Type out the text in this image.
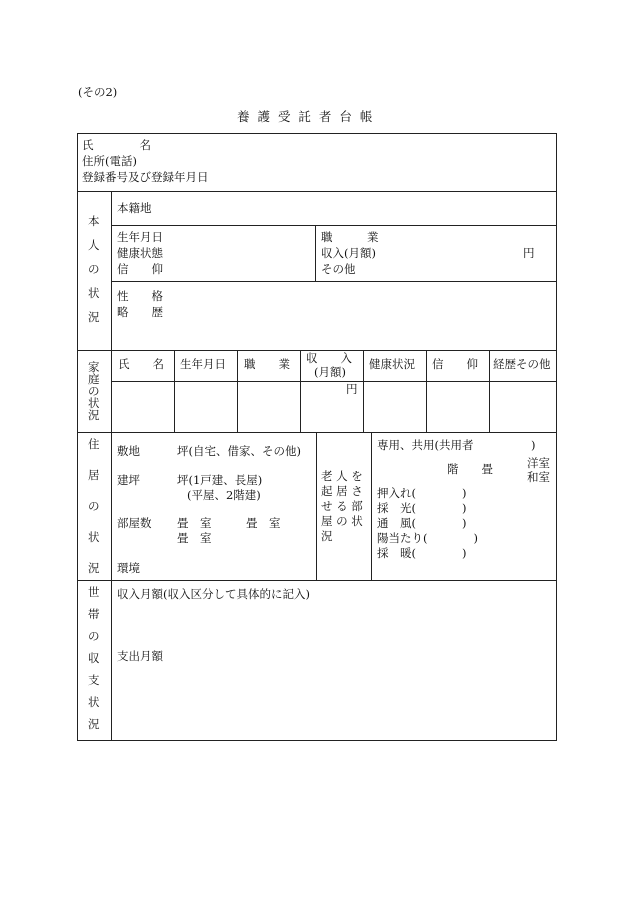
(その2)
養 護 受 託 者 台 帳
氏　　　　名
住所(電話)
登録番号及び登録年月日
本
人
の
状
況
本籍地
生年月日
健康状態
信　　仰
職　　　業
収入(月額)	円
その他
性　　格
略　　歴
家
庭
の
状
況
氏　　名 生年月日 職　　業 収　　入
(月額)
健康状況 信　　仰 経歴その他
円
住
居
の
状
況
敷地	坪(自宅、借家、その他)
建坪	坪(1戸建、長屋)
(平屋、2階建)
部屋数 畳　室　　　畳　室
畳　室
環境
老 人 を
起 居 さ
せ る 部
屋 の 状
況
専用、共用(共用者　　　　　)
階　　畳	洋室
和室
押入れ(　　　　)
採　光(　　　　)
通　風(　　　　)
陽当たり(　　　　)
採　暖(　　　　)
世
帯
の
収
支
状
況
収入月額(収入区分して具体的に記入)
支出月額
